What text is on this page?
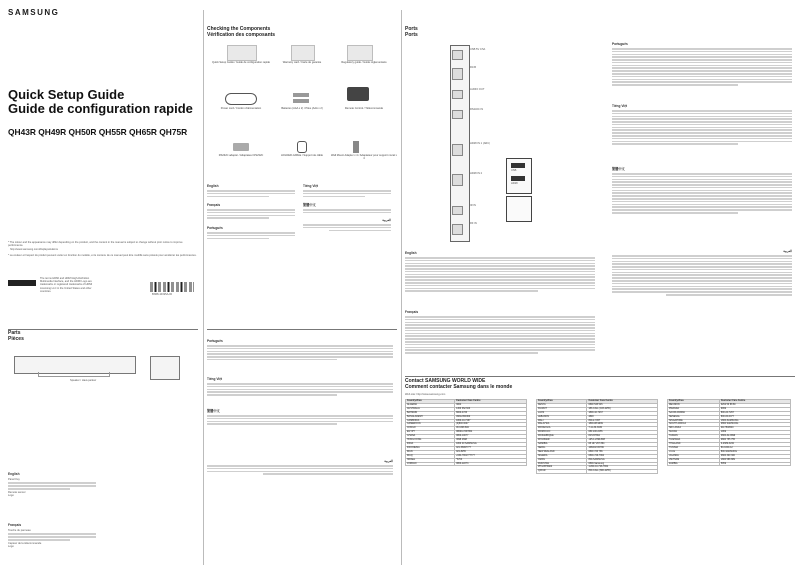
SAMSUNG
Quick Setup Guide
Guide de configuration rapide
QH43R QH49R QH50R QH55R QH65R QH75R
* The colour and the appearance may differ depending on the product, and the content in the manual is subject to change without prior notice to improve performance.
http://www.samsung.com/displaysolutions
* La couleur et l'aspect du produit peuvent varier en fonction du modèle, et le contenu de ce manuel peut être modifié sans préavis pour améliorer les performances.
The terms HDMI and HDMI High-Definition Multimedia Interface, and the HDMI Logo are trademarks or registered trademarks of HDMI Licensing LLC in the United States and other countries.
BN68-10195A-00
Parts
Pièces
Speaker / Haut-parleur
English
Panel Key
Remote sensor
Logo
Français
Touche du panneau
Capteur de la télécommande
Logo
Checking the Components
Vérification des composants
Quick Setup Guide / Guide de configuration rapide	Warranty card / Carte de garantie	Regulatory guide / Guide réglementaire
Power cord / Cordon d'alimentation	Batteries (AAA x 2) / Piles (AAA x 2)	Remote Control / Télécommande
RS232C adapter / Adaptateur RS232C	HOLDER-CABLE / Support de câble	Wall Mount Adapter x 4 / Adaptateur pour support mural x 4
English	Tiếng Việt
Français	繁體中文
Português
العربية
Português
Tiếng Việt
繁體中文
العربية
Ports
Ports
USB 5V 0.5A
RJ45
AUDIO OUT
RS232C IN
HDMI IN 1 (ARC)
HDMI IN 2
IR IN
RF IN
USB
HDMI
Português
Tiếng Việt
繁體中文
English
Français
العربية
Contact SAMSUNG WORLD WIDE
Comment contacter Samsung dans le monde
Web site: http://www.samsung.com
Country/Area	Customer Care Centre
ALGERIA	3004
AUSTRALIA	1300 362 603
BAHRAIN	8000-4726
BANGLADESH	09612300300
CAMBODIA	1800-10-7267
CAMEROON	(0)800 0007
CONGO	06 0308 800
EGYPT	08000-7267864
GHANA	0800-10077
HONG KONG	3698 4698
INDIA	1800 40 SAMSUNG
INDONESIA	021-56997777
IRAN	021-8255
IRAQ	+964-7801777777
ISRAEL	*6763
JORDAN	0800-22273
Country/Area	Customer Care Centre
KENYA	0800 545 545
KUWAIT	183-CALL (183-2255)
LAOS	1800-10-7267
LEBANON	4848
MALI	800-2-7267
MALAYSIA	1800-88-9999
MONGOLIA	7-11-30-3030
MOROCCO	080 100 2255
MOZAMBIQUE	847267864
MYANMAR	+95-1-2399-888
NAMIBIA	08 197 267 864
NEPAL	166001726786
NEW ZEALAND	0800 726 786
NIGERIA	0800-726-7864
OMAN	800-SAMSUNG
PAKISTAN	0800-Samsung
PHILIPPINES	1-800-10-726-7864
QATAR	800-CALL (800-2255)
Country/Area	Customer Care Centre
REUNION	0262 50 88 80
RWANDA	9999
SAUDI ARABIA	800-24-7267
SENEGAL	800-00-0077
SINGAPORE	1800-SAMSUNG
SOUTH AFRICA	0860 SAMSUNG
SRI LANKA	0117540540
SUDAN	1969
TAIWAN	0800-32-9999
TANZANIA	0800 755 755
THAILAND	0-2689-3232
TUNISIA	80-1000-12
U.A.E	800-SAMSUNG
UGANDA	0800 300 300
VIETNAM	1800 588 889
ZAMBIA	5959
